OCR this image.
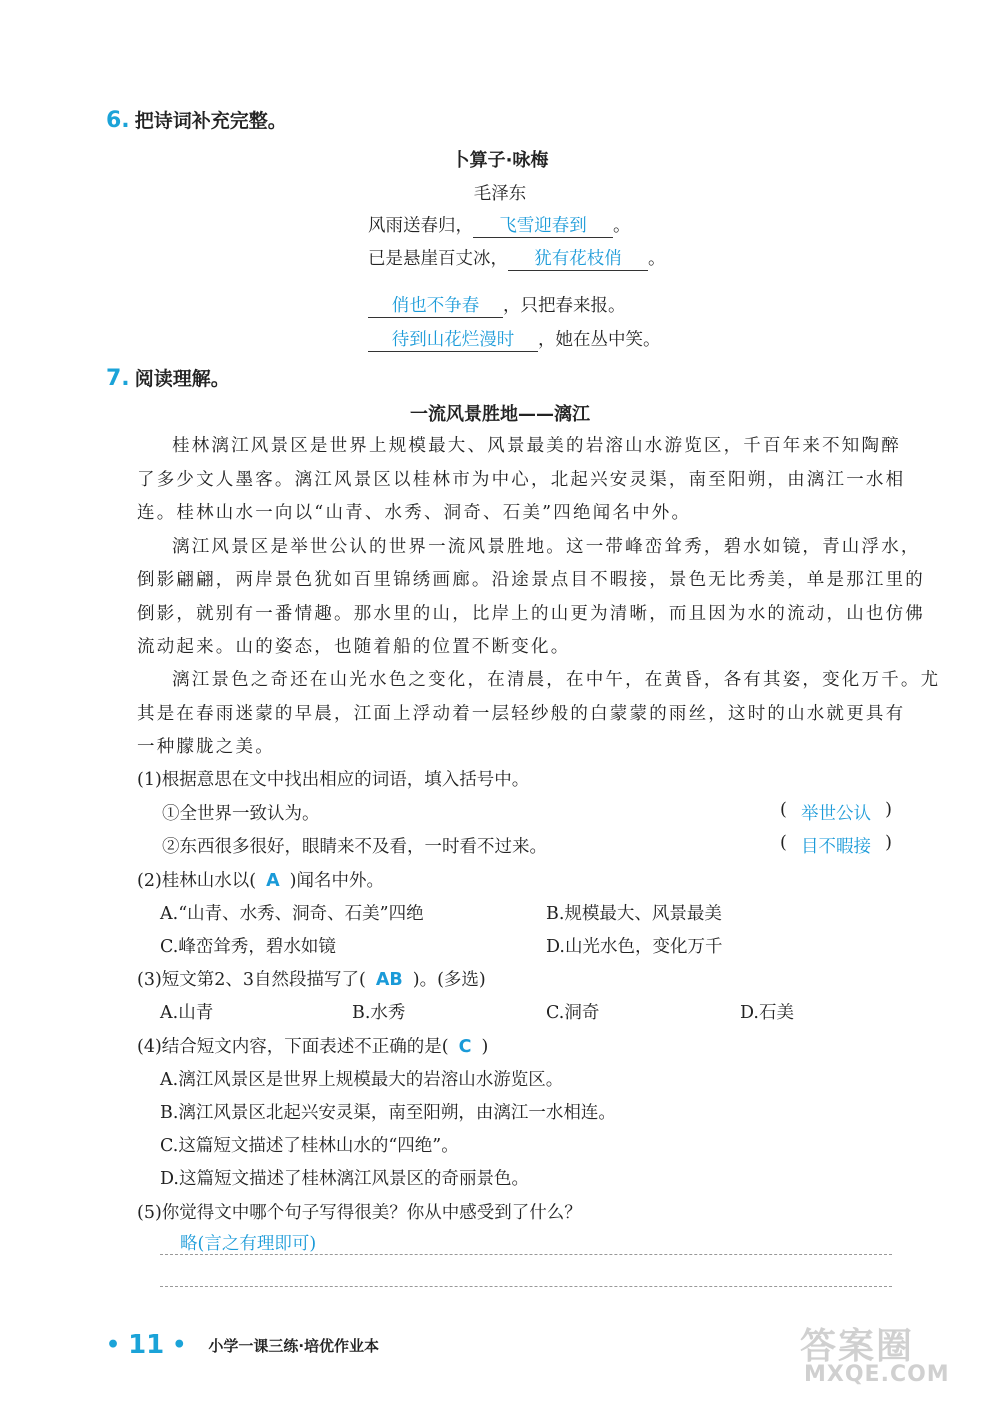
6. 把诗词补充完整。
卜算子·咏梅
毛泽东
风雨送春归， 飞雪迎春到 。
已是悬崖百丈冰， 犹有花枝俏 。
俏也不争春 ，只把春来报。
待到山花烂漫时 ，她在丛中笑。
7. 阅读理解。
一流风景胜地——漓江
桂林漓江风景区是世界上规模最大、风景最美的岩溶山水游览区，千百年来不知陶醉
了多少文人墨客。漓江风景区以桂林市为中心，北起兴安灵渠，南至阳朔，由漓江一水相
连。桂林山水一向以“山青、水秀、洞奇、石美”四绝闻名中外。
漓江风景区是举世公认的世界一流风景胜地。这一带峰峦耸秀，碧水如镜，青山浮水，
倒影翩翩，两岸景色犹如百里锦绣画廊。沿途景点目不暇接，景色无比秀美，单是那江里的
倒影，就别有一番情趣。那水里的山，比岸上的山更为清晰，而且因为水的流动，山也仿佛
流动起来。山的姿态，也随着船的位置不断变化。
漓江景色之奇还在山光水色之变化，在清晨，在中午，在黄昏，各有其姿，变化万千。尤
其是在春雨迷蒙的早晨，江面上浮动着一层轻纱般的白蒙蒙的雨丝，这时的山水就更具有
一种朦胧之美。
(1)根据意思在文中找出相应的词语，填入括号中。
①全世界一致认为。	( 举世公认 )
②东西很多很好，眼睛来不及看，一时看不过来。	( 目不暇接 )
(2)桂林山水以( A )闻名中外。
A.“山青、水秀、洞奇、石美”四绝	B.规模最大、风景最美
C.峰峦耸秀，碧水如镜	D.山光水色，变化万千
(3)短文第2、3自然段描写了( AB )。(多选)
A.山青	B.水秀	C.洞奇	D.石美
(4)结合短文内容，下面表述不正确的是( C )
A.漓江风景区是世界上规模最大的岩溶山水游览区。
B.漓江风景区北起兴安灵渠，南至阳朔，由漓江一水相连。
C.这篇短文描述了桂林山水的“四绝”。
D.这篇短文描述了桂林漓江风景区的奇丽景色。
(5)你觉得文中哪个句子写得很美？你从中感受到了什么？
略(言之有理即可)
• 11 • 小学一课三练·培优作业本	答案圈
MXQE.COM
